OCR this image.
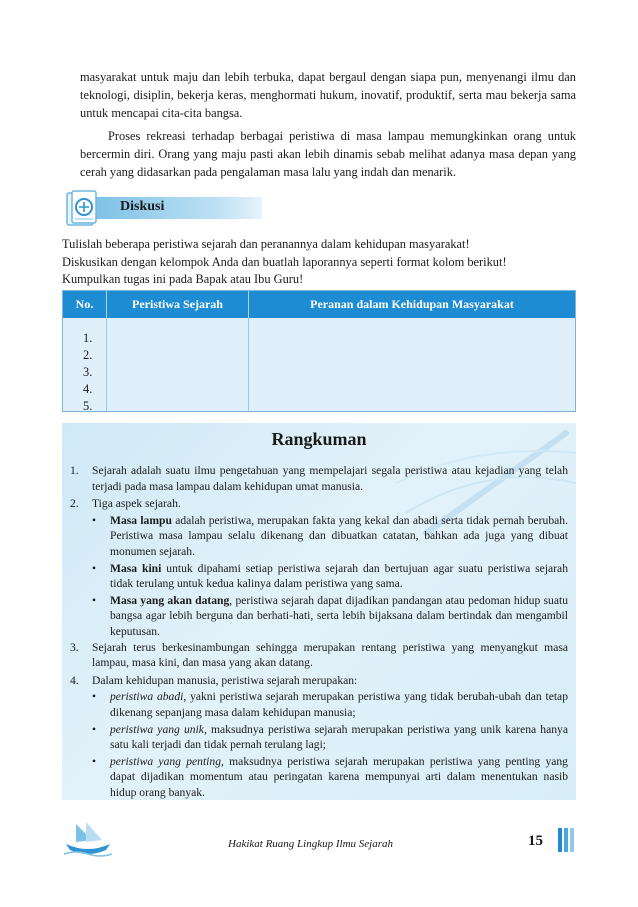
masyarakat untuk maju dan lebih terbuka, dapat bergaul dengan siapa pun, menyenangi ilmu dan teknologi, disiplin, bekerja keras, menghormati hukum, inovatif, produktif, serta mau bekerja sama untuk mencapai cita-cita bangsa.

Proses rekreasi terhadap berbagai peristiwa di masa lampau memungkinkan orang untuk bercermin diri. Orang yang maju pasti akan lebih dinamis sebab melihat adanya masa depan yang cerah yang didasarkan pada pengalaman masa lalu yang indah dan menarik.

Diskusi
Tulislah beberapa peristiwa sejarah dan peranannya dalam kehidupan masyarakat!
Diskusikan dengan kelompok Anda dan buatlah laporannya seperti format kolom berikut!
Kumpulkan tugas ini pada Bapak atau Ibu Guru!
No.	Peristiwa Sejarah	Peranan dalam Kehidupan Masyarakat
1.
2.
3.
4.
5.
Rangkuman
1.	Sejarah adalah suatu ilmu pengetahuan yang mempelajari segala peristiwa atau kejadian yang telah terjadi pada masa lampau dalam kehidupan umat manusia.
2.	Tiga aspek sejarah.
•	Masa lampu adalah peristiwa, merupakan fakta yang kekal dan abadi serta tidak pernah berubah. Peristiwa masa lampau selalu dikenang dan dibuatkan catatan, bahkan ada juga yang dibuat monumen sejarah.
•	Masa kini untuk dipahami setiap peristiwa sejarah dan bertujuan agar suatu peristiwa sejarah tidak terulang untuk kedua kalinya dalam peristiwa yang sama.
•	Masa yang akan datang, peristiwa sejarah dapat dijadikan pandangan atau pedoman hidup suatu bangsa agar lebih berguna dan berhati-hati, serta lebih bijaksana dalam bertindak dan mengambil keputusan.
3.	Sejarah terus berkesinambungan sehingga merupakan rentang peristiwa yang menyangkut masa lampau, masa kini, dan masa yang akan datang.
4.	Dalam kehidupan manusia, peristiwa sejarah merupakan:
•	peristiwa abadi, yakni peristiwa sejarah merupakan peristiwa yang tidak berubah-ubah dan tetap dikenang sepanjang masa dalam kehidupan manusia;
•	peristiwa yang unik, maksudnya peristiwa sejarah merupakan peristiwa yang unik karena hanya satu kali terjadi dan tidak pernah terulang lagi;
•	peristiwa yang penting, maksudnya peristiwa sejarah merupakan peristiwa yang penting yang dapat dijadikan momentum atau peringatan karena mempunyai arti dalam menentukan nasib hidup orang banyak.
Hakikat Ruang Lingkup Ilmu Sejarah	15
